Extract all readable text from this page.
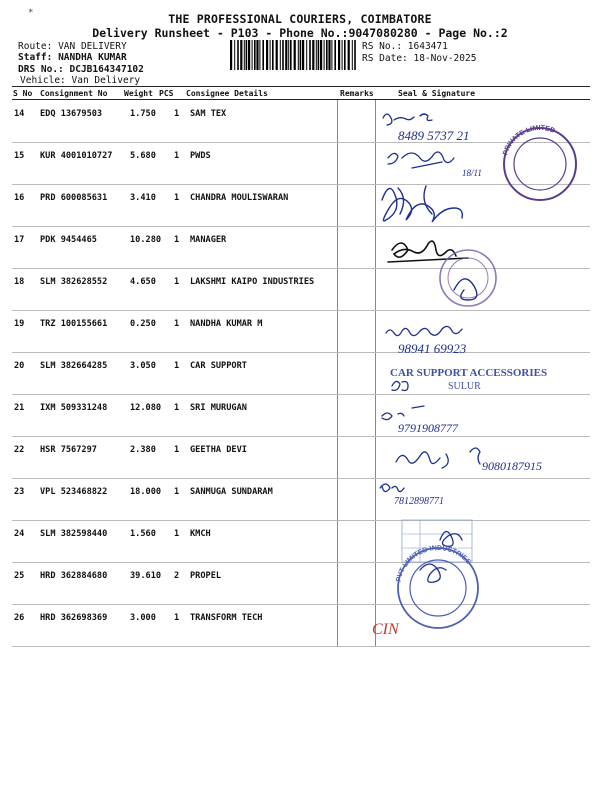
*	THE PROFESSIONAL COURIERS, COIMBATORE
Delivery Runsheet - P103 - Phone No.:9047080280 - Page No.:2
Route: VAN DELIVERY
Staff: NANDHA KUMAR
DRS No.: DCJB164347102
Vehicle: Van Delivery
RS No.: 1643471
RS Date: 18-Nov-2025
S No Consignment No Weight PCS Consignee Details	Remarks	Seal & Signature
14 EDQ 13679503	1.750 1 SAM TEX
15 KUR 4001010727 5.680 1 PWDS
16 PRD 600085631	3.410 1 CHANDRA MOULISWARAN
17 PDK 9454465	10.280 1 MANAGER
18 SLM 382628552	4.650 1 LAKSHMI KAIPO INDUSTRIES
19 TRZ 100155661	0.250 1 NANDHA KUMAR M
20 SLM 382664285	3.050 1 CAR SUPPORT
21 IXM 509331248	12.080 1 SRI MURUGAN
22 HSR 7567297	2.380 1 GEETHA DEVI
23 VPL 523468822	18.000 1 SANMUGA SUNDARAM
24 SLM 382598440	1.560 1 KMCH
25 HRD 362884680	39.610 2 PROPEL
26 HRD 362698369	3.000 1 TRANSFORM TECH
8489 5737 21
18/11
PRIVATE LIMITED
98941 69923
CAR SUPPORT ACCESSORIES
SULUR
9791908777
9080187915
7812898771
PVT LIMITED INDUSTRIES
CIN
